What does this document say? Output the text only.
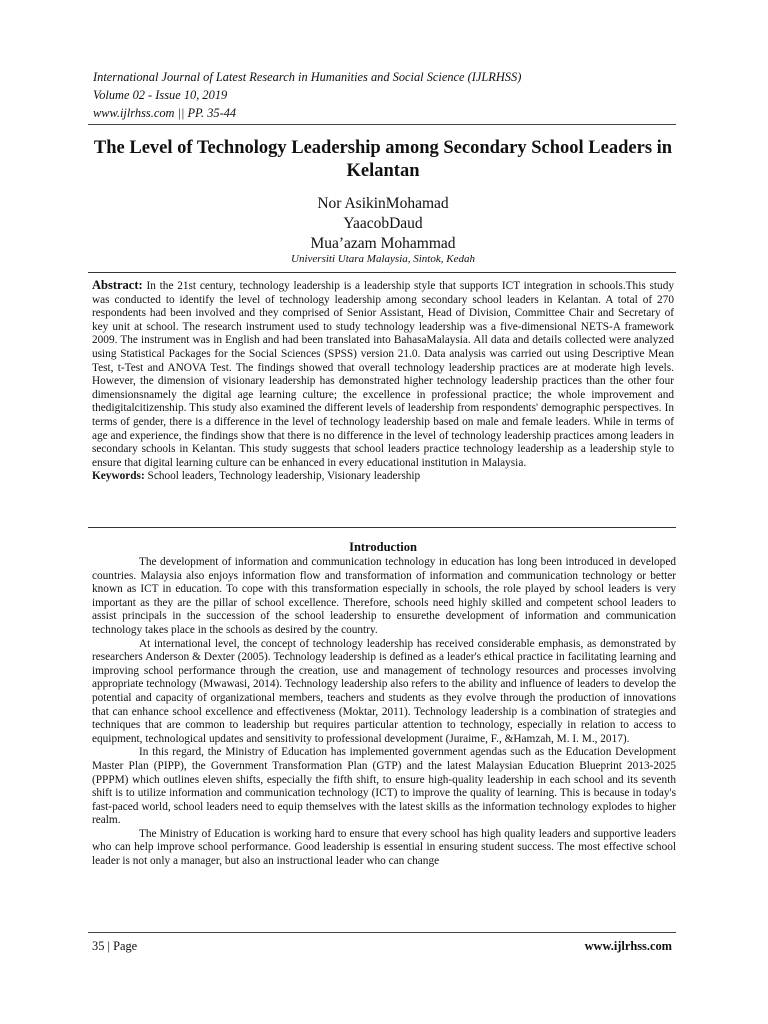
International Journal of Latest Research in Humanities and Social Science (IJLRHSS)
Volume 02 - Issue 10, 2019
www.ijlrhss.com || PP. 35-44
The Level of Technology Leadership among Secondary School Leaders in Kelantan
Nor AsikinMohamad
YaacobDaud
Mua’azam Mohammad
Universiti Utara Malaysia, Sintok, Kedah
Abstract: In the 21st century, technology leadership is a leadership style that supports ICT integration in schools.This study was conducted to identify the level of technology leadership among secondary school leaders in Kelantan. A total of 270 respondents had been involved and they comprised of Senior Assistant, Head of Division, Committee Chair and Secretary of key unit at school. The research instrument used to study technology leadership was a five-dimensional NETS-A framework 2009. The instrument was in English and had been translated into BahasaMalaysia. All data and details collected were analyzed using Statistical Packages for the Social Sciences (SPSS) version 21.0. Data analysis was carried out using Descriptive Mean Test, t-Test and ANOVA Test. The findings showed that overall technology leadership practices are at moderate high levels. However, the dimension of visionary leadership has demonstrated higher technology leadership practices than the other four dimensionsnamely the digital age learning culture; the excellence in professional practice; the whole improvement and thedigitalcitizenship. This study also examined the different levels of leadership from respondents' demographic perspectives. In terms of gender, there is a difference in the level of technology leadership based on male and female leaders. While in terms of age and experience, the findings show that there is no difference in the level of technology leadership practices among leaders in secondary schools in Kelantan. This study suggests that school leaders practice technology leadership as a leadership style to ensure that digital learning culture can be enhanced in every educational institution in Malaysia.
Keywords: School leaders, Technology leadership, Visionary leadership
Introduction

The development of information and communication technology in education has long been introduced in developed countries. Malaysia also enjoys information flow and transformation of information and communication technology or better known as ICT in education. To cope with this transformation especially in schools, the role played by school leaders is very important as they are the pillar of school excellence. Therefore, schools need highly skilled and competent school leaders to assist principals in the succession of the school leadership to ensurethe development of information and communication technology takes place in the schools as desired by the country.

At international level, the concept of technology leadership has received considerable emphasis, as demonstrated by researchers Anderson & Dexter (2005). Technology leadership is defined as a leader's ethical practice in facilitating learning and improving school performance through the creation, use and management of technology resources and processes involving appropriate technology (Mwawasi, 2014). Technology leadership also refers to the ability and influence of leaders to develop the potential and capacity of organizational members, teachers and students as they evolve through the production of innovations that can enhance school excellence and effectiveness (Moktar, 2011). Technology leadership is a combination of strategies and techniques that are common to leadership but requires particular attention to technology, especially in relation to access to equipment, technological updates and sensitivity to professional development (Juraime, F., &Hamzah, M. I. M., 2017).

In this regard, the Ministry of Education has implemented government agendas such as the Education Development Master Plan (PIPP), the Government Transformation Plan (GTP) and the latest Malaysian Education Blueprint 2013-2025 (PPPM) which outlines eleven shifts, especially the fifth shift, to ensure high-quality leadership in each school and its seventh shift is to utilize information and communication technology (ICT) to improve the quality of learning. This is because in today's fast-paced world, school leaders need to equip themselves with the latest skills as the information technology explodes to higher realm.

The Ministry of Education is working hard to ensure that every school has high quality leaders and supportive leaders who can help improve school performance. Good leadership is essential in ensuring student success. The most effective school leader is not only a manager, but also an instructional leader who can change

35 | Page	www.ijlrhss.com
